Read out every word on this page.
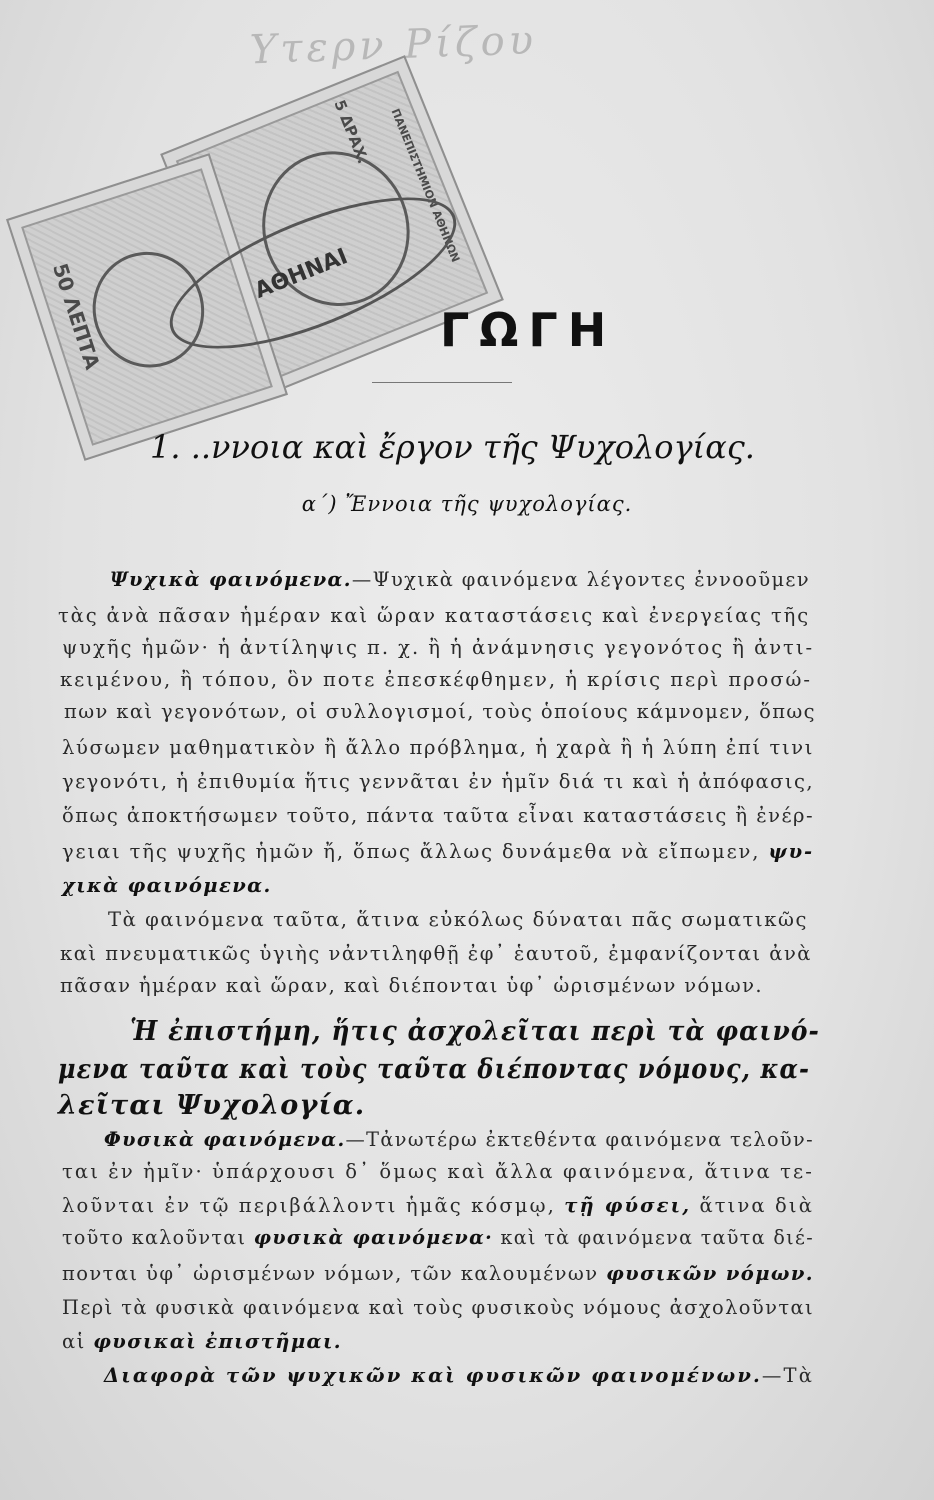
Υτερν Ρίζου
5 ΔΡΑΧ. ΠΑΝΕΠΙΣΤΗΜΙΟΝ ΑΘΗΝΩΝ
50 ΛΕΠΤΑ	ΑΘΗΝΑΙ
ΓΩΓΗ
1. ..ννοια καὶ ἔργον τῆς Ψυχολογίας.
α΄) Ἔννοια τῆς ψυχολογίας.
Ψυχικὰ φαινόμενα.—Ψυχικὰ φαινόμενα λέγοντες ἐννοοῦμεν
τὰς ἀνὰ πᾶσαν ἡμέραν καὶ ὥραν καταστάσεις καὶ ἐνεργείας τῆς
ψυχῆς ἡμῶν· ἡ ἀντίληψις π. χ. ἢ ἡ ἀνάμνησις γεγονότος ἢ ἀντι-
κειμένου, ἢ τόπου, ὃν ποτε ἐπεσκέφθημεν, ἡ κρίσις περὶ προσώ-
πων καὶ γεγονότων, οἱ συλλογισμοί, τοὺς ὁποίους κάμνομεν, ὅπως
λύσωμεν μαθηματικὸν ἢ ἄλλο πρόβλημα, ἡ χαρὰ ἢ ἡ λύπη ἐπί τινι
γεγονότι, ἡ ἐπιθυμία ἥτις γεννᾶται ἐν ἡμῖν διά τι καὶ ἡ ἀπόφασις,
ὅπως ἀποκτήσωμεν τοῦτο, πάντα ταῦτα εἶναι καταστάσεις ἢ ἐνέρ-
γειαι τῆς ψυχῆς ἡμῶν ἤ, ὅπως ἄλλως δυνάμεθα νὰ εἴπωμεν, ψυ-
χικὰ φαινόμενα.
Τὰ φαινόμενα ταῦτα, ἅτινα εὐκόλως δύναται πᾶς σωματικῶς
καὶ πνευματικῶς ὑγιὴς νἀντιληφθῇ ἐφ᾽ ἑαυτοῦ, ἐμφανίζονται ἀνὰ
πᾶσαν ἡμέραν καὶ ὥραν, καὶ διέπονται ὑφ᾽ ὡρισμένων νόμων.
Ἡ ἐπιστήμη, ἥτις ἀσχολεῖται περὶ τὰ φαινό-
μενα ταῦτα καὶ τοὺς ταῦτα διέποντας νόμους, κα-
λεῖται Ψυχολογία.
Φυσικὰ φαινόμενα.—Τἀνωτέρω ἐκτεθέντα φαινόμενα τελοῦν-
ται ἐν ἡμῖν· ὑπάρχουσι δ᾽ ὅμως καὶ ἄλλα φαινόμενα, ἅτινα τε-
λοῦνται ἐν τῷ περιβάλλοντι ἡμᾶς κόσμῳ, τῇ φύσει, ἅτινα διὰ
τοῦτο καλοῦνται φυσικὰ φαινόμενα· καὶ τὰ φαινόμενα ταῦτα διέ-
πονται ὑφ᾽ ὡρισμένων νόμων, τῶν καλουμένων φυσικῶν νόμων.
Περὶ τὰ φυσικὰ φαινόμενα καὶ τοὺς φυσικοὺς νόμους ἀσχολοῦνται
αἱ φυσικαὶ ἐπιστῆμαι.
Διαφορὰ τῶν ψυχικῶν καὶ φυσικῶν φαινομένων.—Τὰ
